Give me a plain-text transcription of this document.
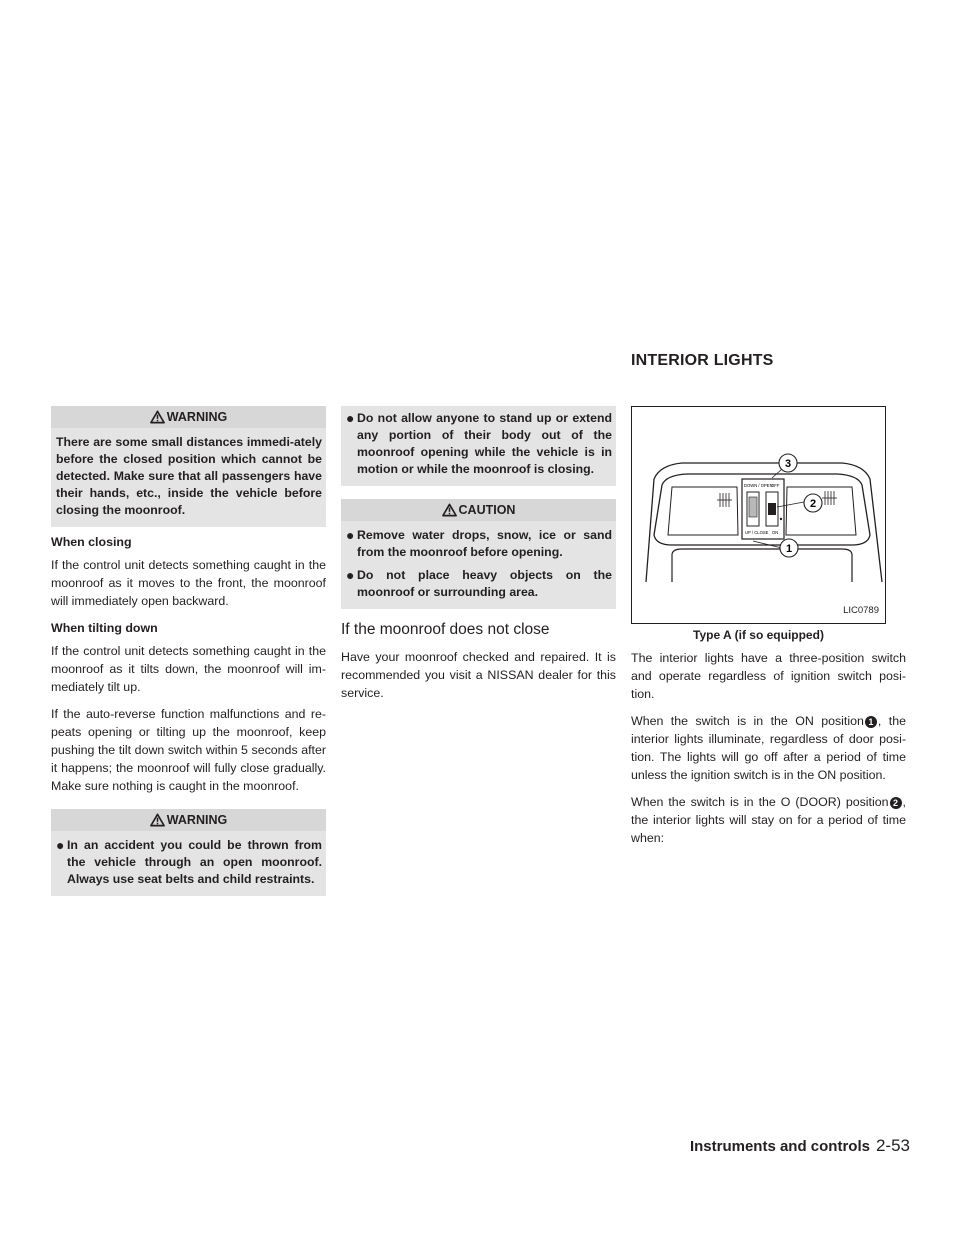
WARNING
There are some small distances immedi-ately before the closed position which cannot be detected. Make sure that all passengers have their hands, etc., inside the vehicle before closing the moonroof.
When closing

If the control unit detects something caught in the moonroof as it moves to the front, the moonroof will immediately open backward.

When tilting down

If the control unit detects something caught in the moonroof as it tilts down, the moonroof will im-mediately tilt up.

If the auto-reverse function malfunctions and re-peats opening or tilting up the moonroof, keep pushing the tilt down switch within 5 seconds after it happens; the moonroof will fully close gradually. Make sure nothing is caught in the moonroof.

WARNING
● In an accident you could be thrown from the vehicle through an open moonroof. Always use seat belts and child restraints.
● Do not allow anyone to stand up or extend any portion of their body out of the moonroof opening while the vehicle is in motion or while the moonroof is closing.
CAUTION
● Remove water drops, snow, ice or sand from the moonroof before opening.
● Do not place heavy objects on the moonroof or surrounding area.
If the moonroof does not close

Have your moonroof checked and repaired. It is recommended you visit a NISSAN dealer for this service.

INTERIOR LIGHTS
DOWN / OPEN
OFF
UP / CLOSE ON
3
2
1
LIC0789
Type A (if so equipped)

The interior lights have a three-position switch and operate regardless of ignition switch posi-tion.

When the switch is in the ON position 1 , the interior lights illuminate, regardless of door posi-tion. The lights will go off after a period of time unless the ignition switch is in the ON position.

When the switch is in the O (DOOR) position 2 , the interior lights will stay on for a period of time when:

Instruments and controls 2-53
